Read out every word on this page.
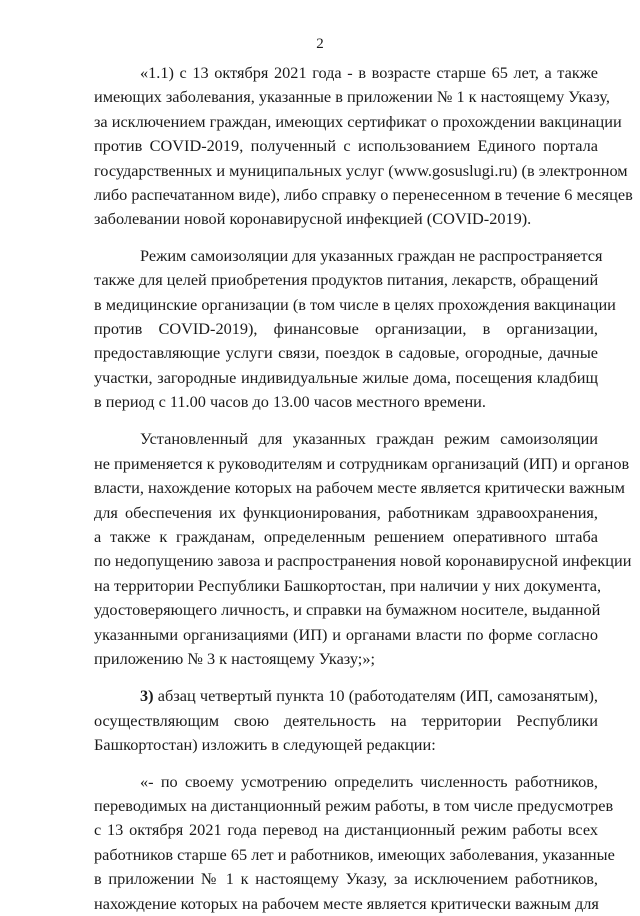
2
«1.1) с 13 октября 2021 года - в возрасте старше 65 лет, а также
имеющих заболевания, указанные в приложении № 1 к настоящему Указу,
за исключением граждан, имеющих сертификат о прохождении вакцинации
против COVID-2019, полученный с использованием Единого портала
государственных и муниципальных услуг (www.gosuslugi.ru) (в электронном
либо распечатанном виде), либо справку о перенесенном в течение 6 месяцев
заболевании новой коронавирусной инфекцией (COVID-2019).
Режим самоизоляции для указанных граждан не распространяется
также для целей приобретения продуктов питания, лекарств, обращений
в медицинские организации (в том числе в целях прохождения вакцинации
против COVID-2019), финансовые организации, в организации,
предоставляющие услуги связи, поездок в садовые, огородные, дачные
участки, загородные индивидуальные жилые дома, посещения кладбищ
в период с 11.00 часов до 13.00 часов местного времени.
Установленный для указанных граждан режим самоизоляции
не применяется к руководителям и сотрудникам организаций (ИП) и органов
власти, нахождение которых на рабочем месте является критически важным
для обеспечения их функционирования, работникам здравоохранения,
а также к гражданам, определенным решением оперативного штаба
по недопущению завоза и распространения новой коронавирусной инфекции
на территории Республики Башкортостан, при наличии у них документа,
удостоверяющего личность, и справки на бумажном носителе, выданной
указанными организациями (ИП) и органами власти по форме согласно
приложению № 3 к настоящему Указу;»;
3) абзац четвертый пункта 10 (работодателям (ИП, самозанятым),
осуществляющим свою деятельность на территории Республики
Башкортостан) изложить в следующей редакции:
«- по своему усмотрению определить численность работников,
переводимых на дистанционный режим работы, в том числе предусмотрев
с 13 октября 2021 года перевод на дистанционный режим работы всех
работников старше 65 лет и работников, имеющих заболевания, указанные
в приложении № 1 к настоящему Указу, за исключением работников,
нахождение которых на рабочем месте является критически важным для
